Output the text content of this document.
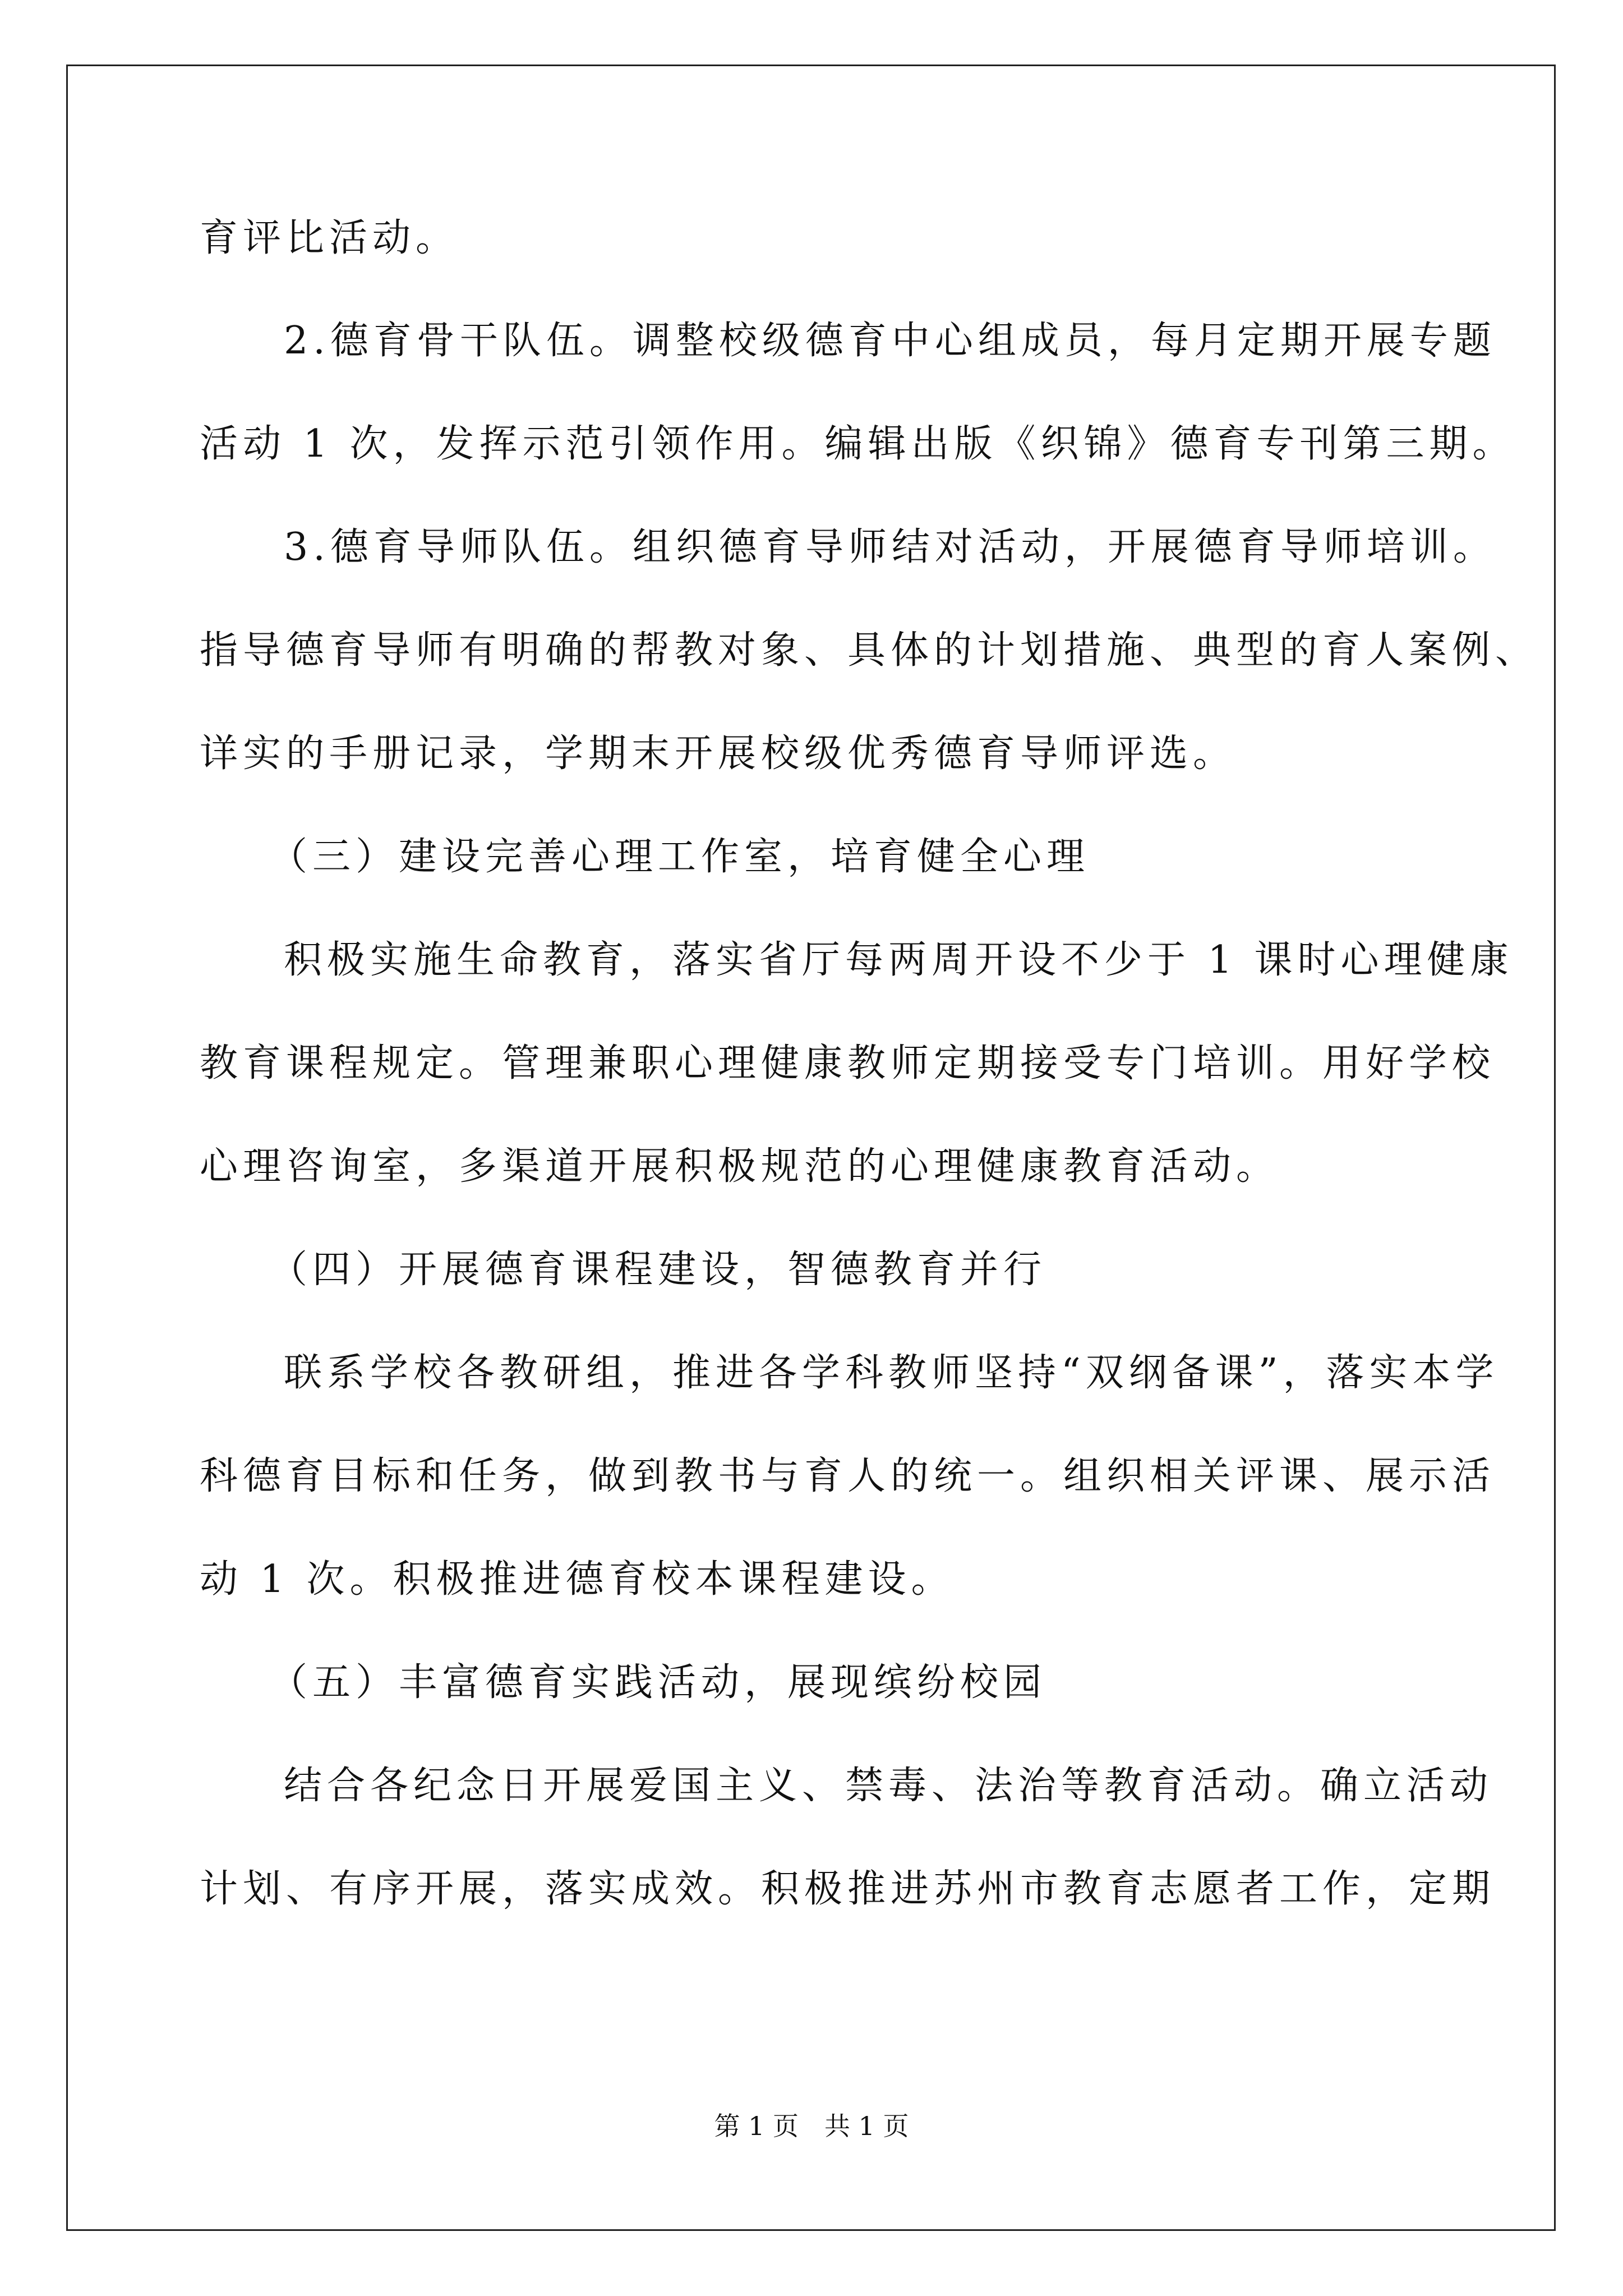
育评比活动。
2.德育骨干队伍。调整校级德育中心组成员，每月定期开展专题
活动 1 次，发挥示范引领作用。编辑出版《织锦》德育专刊第三期。
3.德育导师队伍。组织德育导师结对活动，开展德育导师培训。
指导德育导师有明确的帮教对象、具体的计划措施、典型的育人案例、
详实的手册记录，学期末开展校级优秀德育导师评选。
（三）建设完善心理工作室，培育健全心理
积极实施生命教育，落实省厅每两周开设不少于 1 课时心理健康
教育课程规定。管理兼职心理健康教师定期接受专门培训。用好学校
心理咨询室，多渠道开展积极规范的心理健康教育活动。
（四）开展德育课程建设，智德教育并行
联系学校各教研组，推进各学科教师坚持“双纲备课”，落实本学
科德育目标和任务，做到教书与育人的统一。组织相关评课、展示活
动 1 次。积极推进德育校本课程建设。
（五）丰富德育实践活动，展现缤纷校园
结合各纪念日开展爱国主义、禁毒、法治等教育活动。确立活动
计划、有序开展，落实成效。积极推进苏州市教育志愿者工作，定期
第 1 页　共 1 页
